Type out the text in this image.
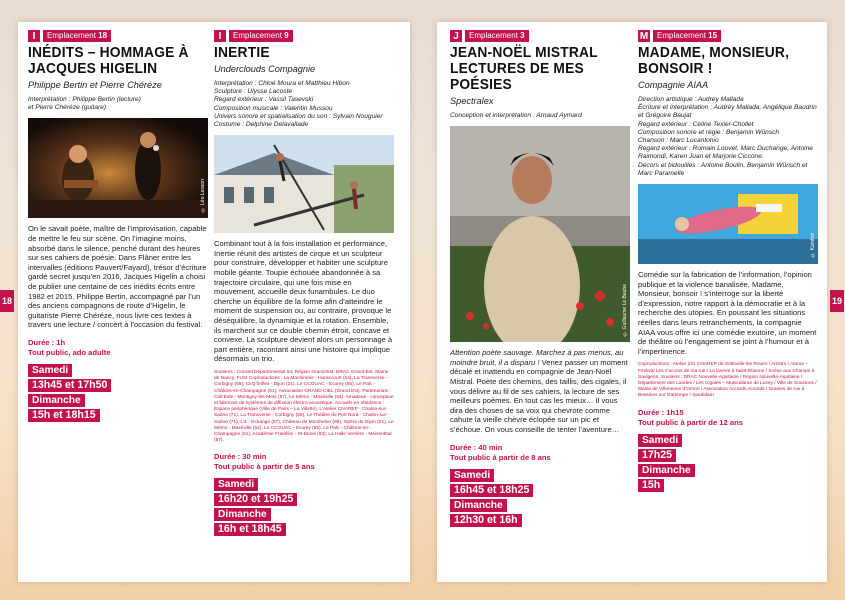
18	19
I	Emplacement 18
INÉDITS – HOMMAGE À JACQUES HIGELIN
Philippe Bertin et Pierre Chéréze
Interprétation : Philippe Bertin (lecture)
et Pierre Chéréze (guitare)
© Léo Lesson
On le savait poète, maître de l’improvisation, capable de mettre le feu sur scène. On l’imagine moins, absorbé dans le silence, penché durant des heures sur ses cahiers de poésie. Dans Flâner entre les intervalles (éditions Pauvert/Fayard), trésor d’écriture gardé secret jusqu’en 2016, Jacques Higelin a choisi de publier une centaine de ces inédits écrits entre 1982 et 2015. Philippe Bertin, accompagné par l’un des anciens compagnons de route d’Higelin, le guitariste Pierre Chéréze, nous livre ces textes à travers une lecture / concert à l’occasion du festival.
Durée : 1h
Tout public, ado adulte
Samedi
13h45 et 17h50
Dimanche
15h et 18h15
I	Emplacement 9
INERTIE
Underclouds Compagnie
Interprétation : Chloé Moura et Matthieu Hibon
Sculpture : Ulysse Lacoste
Regard extérieur : Vassil Tasevski
Composition musicale : Valentin Mussou
Univers sonore et spatialisation du son : Sylvain Nouguier
Costume : Delphine Delavallade
Combinant tout à la fois installation et performance, Inertie réunit des artistes de cirque et un sculpteur pour construire, développer et habiter une sculpture mobile géante. Toupie échouée abandonnée à sa trajectoire circulaire, qui une fois mise en mouvement, accueille deux funambules. Le duo cherche un équilibre de la forme afin d’atteindre le moment de suspension ou, au contraire, provoque le déséquilibre, la dynamique et la rotation. Ensemble, ils marchent sur ce double chemin étroit, concave et convexe. La sculpture devient alors un personnage à part entière, racontant ainsi une histoire qui implique désormais un trio.
Soutiens : Conseil Départemental 54, Région Grand-Est, DRAC Grand-Est, Mairie de Nancy, FUSI Coproductions : La Machinerie - Homecourt (54), La Transverse - Corbigny (58), CirQ’ônflex - Dijon (21), Le CCOUAC - Ecurey (55), Le Palc - Châlons-en-Champagne (51), Association GRAND CIEL (Grand Est). Partenariats : Cirk’Eole - Montigny-lès-Metz (57), Le Mémo - Maxéville (54). Amadeus - concepteur et fabricant de systèmes de diffusion électro-acoustique. Accueils en résidence : Espace périphérique (Ville de Paris – La Villette), L’Atelier CNAREP - Chalon-sur-Saône (71), La Transverse - Corbigny (58), Le Théâtre du Port Nord - Chalon-sur-Saône (71), L’4 - Ockange (57), Château de Monthelon (89), Opéra de Dijon (21), Le Mémo - Maxéville (54), Le CCOUAC - Ecurey (55), Le Palc - Châlons-en-Champagne (51), Académie Fratellini - St-Denis (93), La Halle Verrière - Meisenthal (57).
Durée : 30 min
Tout public à partir de 5 ans
Samedi
16h20 et 19h25
Dimanche
16h et 18h45
J	Emplacement 3
JEAN-NOËL MISTRAL LECTURES DE MES POÉSIES
Spectralex
Conception et interprétation : Arnaud Aymard
© Guillaume Le Baube
Attention poète sauvage. Marchez à pas menus, au moindre bruit, il a disparu ! Venez passer un moment décalé et inattendu en compagnie de Jean-Noël Mistral. Poète des chemins, des taillis, des cigales, il vous délivre au fil de ses cahiers, la lecture de ses meilleurs poèmes. En tout cas les mieux… Il vous dira des choses de sa voix qui chevrote comme cahute la vieille chèvre éclopée sur un pic et s’échoue. On vous conseille de tenter l’aventure…
Durée : 40 min
Tout public à partir de 8 ans
Samedi
16h45 et 18h25
Dimanche
12h30 et 16h
M	Emplacement 15
MADAME, MONSIEUR, BONSOIR !
Compagnie AIAA
Direction artistique : Audrey Mallada
Écriture et interprétation : Audrey Mallada, Angélique Baudrin et Grégoire Baujat
Regard extérieur : Céline Texier-Chollet
Composition sonore et régie : Benjamin Wünsch
Chanson : Marc Lucantonio
Regard extérieur : Romain Louvet, Marc Duchange, Antoine Raimondi, Karen Juan et Marjorie Ciccone.
Décors et bidouilles : Antoine Boulin, Benjamin Wünsch et Marc Paramelle
© Kamthé
Comédie sur la fabrication de l’information, l’opinion publique et la violence banalisée, Madame, Monsieur, bonsoir ! s’interroge sur la liberté d’expression, notre rapport à la démocratie et à la recherche des utopies. En poussant les situations réelles dans leurs retranchements, la compagnie AIAA vous offre ici une comédie exutoire, un moment de théâtre où l’engagement se joint à l’humour et à l’impertinence.
Coproductions : Atelier 231 CNAREP de Sotteville-les Rouen / Artistro / Alarue – Festival Les z’accros de ma rue / La laverie à Saint-Étienne / Scène aux Champs à Saulgeon. Soutiens : DRAC Nouvelle-Aquitaine / Région Nouvelle-Aquitaine / Département des Landes / Les Cigales – Musicalarue de Luxey / Ville de Soustons / Mairie de Villeneuve d’Ornon / Association Accords Accords / Graines de rue à Bessines sur Gartempe / Spedidam
Durée : 1h15
Tout public à partir de 12 ans
Samedi
17h25
Dimanche
15h
